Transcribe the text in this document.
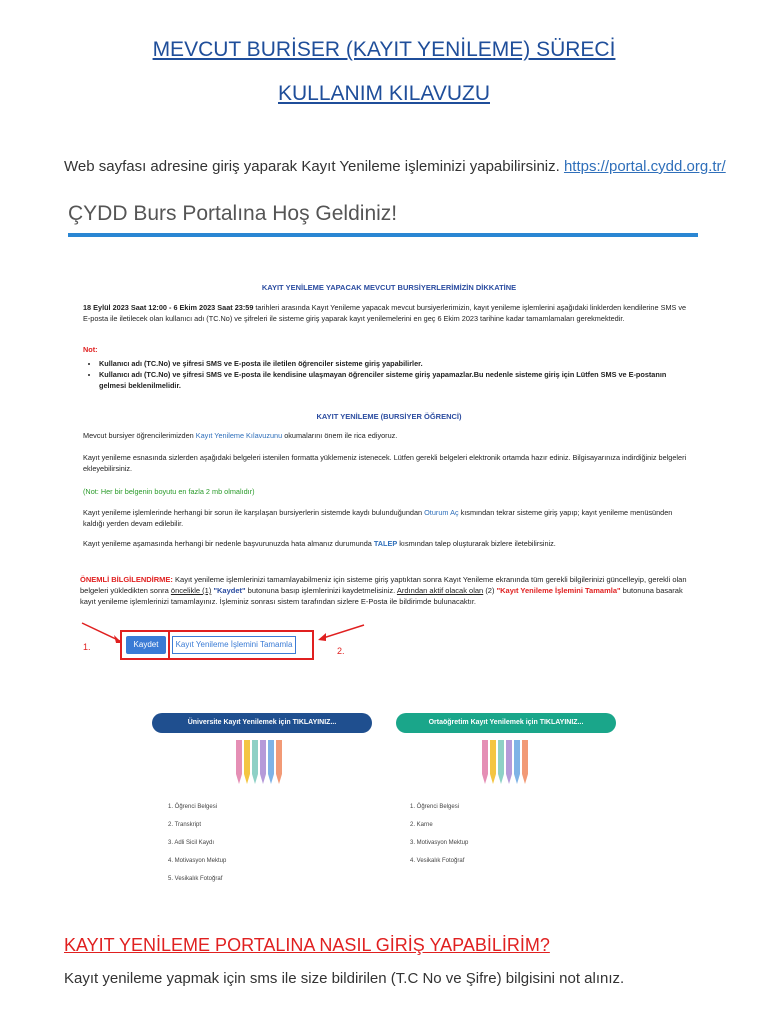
MEVCUT BURİSER (KAYIT YENİLEME) SÜRECİ
KULLANIM KILAVUZU
Web sayfası adresine giriş yaparak Kayıt Yenileme işleminizi yapabilirsiniz. https://portal.cydd.org.tr/
ÇYDD Burs Portalına Hoş Geldiniz!
KAYIT YENİLEME YAPACAK MEVCUT BURSİYERLERİMİZİN DİKKATİNE
18 Eylül 2023 Saat 12:00 - 6 Ekim 2023 Saat 23:59 tarihleri arasında Kayıt Yenileme yapacak mevcut bursiyerlerimizin, kayıt yenileme işlemlerini aşağıdaki linklerden kendilerine SMS ve E-posta ile iletilecek olan kullanıcı adı (TC.No) ve şifreleri ile sisteme giriş yaparak kayıt yenilemelerini en geç 6 Ekim 2023 tarihine kadar tamamlamaları gerekmektedir.
Not:
• Kullanıcı adı (TC.No) ve şifresi SMS ve E-posta ile iletilen öğrenciler sisteme giriş yapabilirler.
• Kullanıcı adı (TC.No) ve şifresi SMS ve E-posta ile kendisine ulaşmayan öğrenciler sisteme giriş yapamazlar.Bu nedenle sisteme giriş için Lütfen SMS ve E-postanın gelmesi beklenilmelidir.
KAYIT YENİLEME (BURSİYER ÖĞRENCİ)
Mevcut bursiyer öğrencilerimizden Kayıt Yenileme Kılavuzunu okumalarını önem ile rica ediyoruz.
Kayıt yenileme esnasında sizlerden aşağıdaki belgeleri istenilen formatta yüklemeniz istenecek. Lütfen gerekli belgeleri elektronik ortamda hazır ediniz. Bilgisayarınıza indirdiğiniz belgeleri ekleyebilirsiniz.
(Not: Her bir belgenin boyutu en fazla 2 mb olmalıdır)
Kayıt yenileme işlemlerinde herhangi bir sorun ile karşılaşan bursiyerlerin sistemde kaydı bulunduğundan Oturum Aç kısmından tekrar sisteme giriş yapıp; kayıt yenileme menüsünden kaldığı yerden devam edilebilir.
Kayıt yenileme aşamasında herhangi bir nedenle başvurunuzda hata almanız durumunda TALEP kısmından talep oluşturarak bizlere iletebilirsiniz.
ÖNEMLİ BİLGİLENDİRME: Kayıt yenileme işlemlerinizi tamamlayabilmeniz için sisteme giriş yaptıktan sonra Kayıt Yenileme ekranında tüm gerekli bilgilerinizi güncelleyip, gerekli olan belgeleri yükledikten sonra öncelikle (1) "Kaydet" butonuna basıp işlemlerinizi kaydetmelisiniz. Ardından aktif olacak olan (2) "Kayıt Yenileme İşlemini Tamamla" butonuna basarak kayıt yenileme işlemlerinizi tamamlayınız. İşleminiz sonrası sistem tarafından sizlere E-Posta ile bildirimde bulunacaktır.
Kaydet	Kayıt Yenileme İşlemini Tamamla
1.	2.
Üniversite Kayıt Yenilemek için TIKLAYINIZ...	Ortaöğretim Kayıt Yenilemek için TIKLAYINIZ...
1. Öğrenci Belgesi
2. Transkript
3. Adli Sicil Kaydı
4. Motivasyon Mektup
5. Vesikalık Fotoğraf
1. Öğrenci Belgesi
2. Karne
3. Motivasyon Mektup
4. Vesikalık Fotoğraf
KAYIT YENİLEME PORTALINA NASIL GİRİŞ YAPABİLİRİM?
Kayıt yenileme yapmak için sms ile size bildirilen (T.C No ve Şifre) bilgisini not alınız.
